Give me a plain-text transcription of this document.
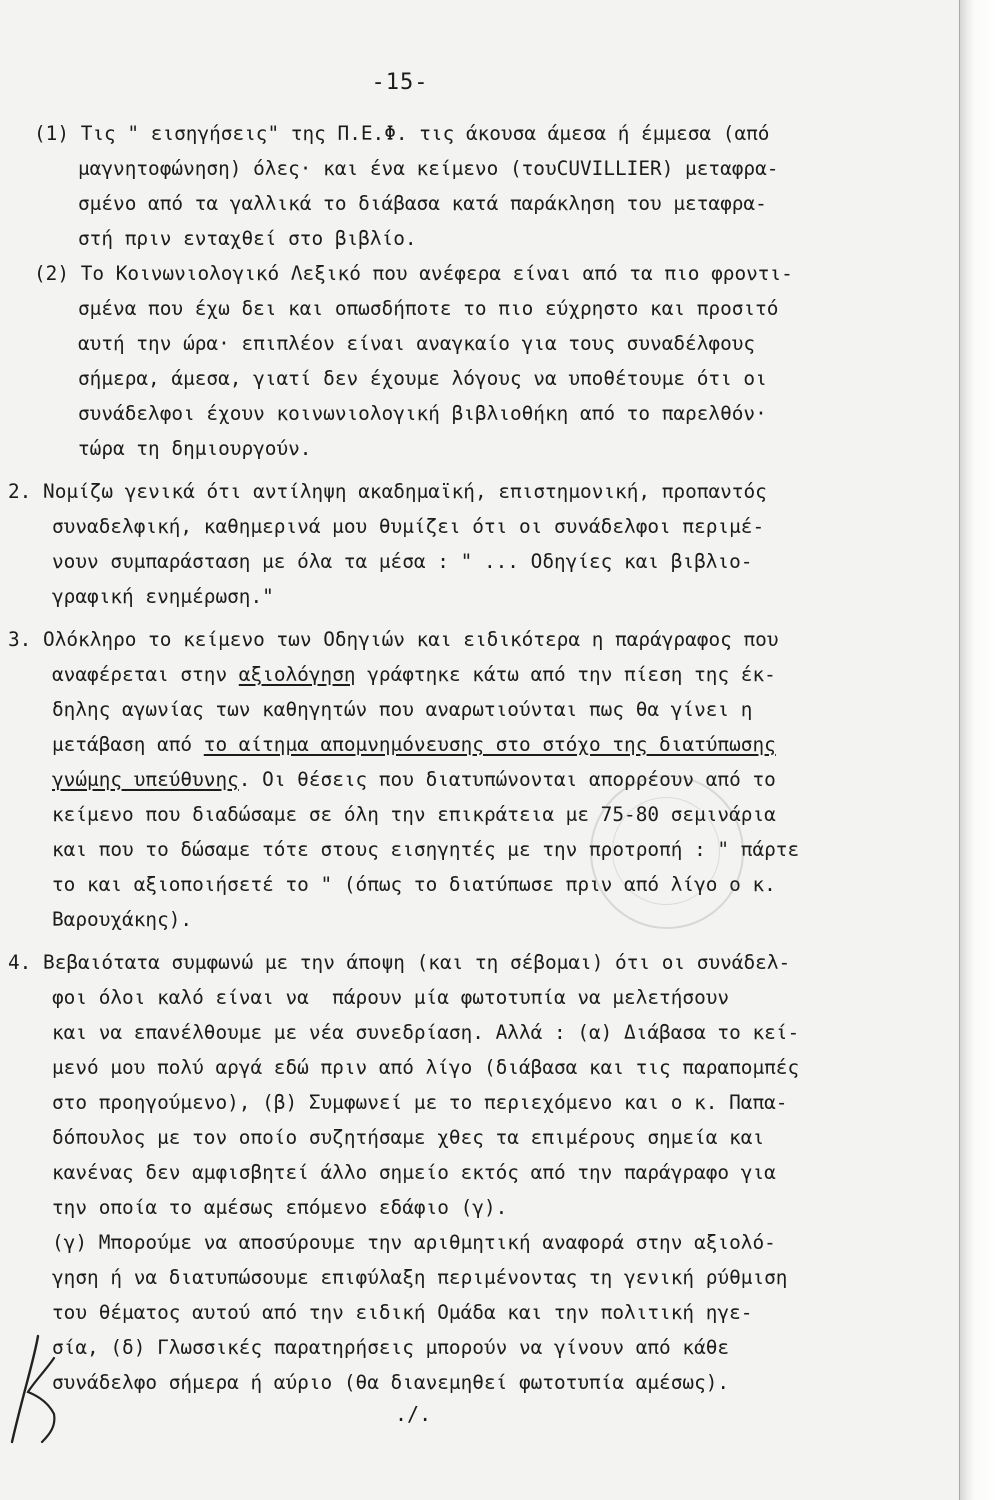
-15-
(1) Τις " εισηγήσεις" της Π.Ε.Φ. τις άκουσα άμεσα ή έμμεσα (από
μαγνητοφώνηση) όλες· και ένα κείμενο (τουCUVILLIER) μεταφρα-
σμένο από τα γαλλικά το διάβασα κατά παράκληση του μεταφρα-
στή πριν ενταχθεί στο βιβλίο.
(2) Το Κοινωνιολογικό Λεξικό που ανέφερα είναι από τα πιο φροντι-
σμένα που έχω δει και οπωσδήποτε το πιο εύχρηστο και προσιτό
αυτή την ώρα· επιπλέον είναι αναγκαίο για τους συναδέλφους
σήμερα, άμεσα, γιατί δεν έχουμε λόγους να υποθέτουμε ότι οι
συνάδελφοι έχουν κοινωνιολογική βιβλιοθήκη από το παρελθόν·
τώρα τη δημιουργούν.
2. Νομίζω γενικά ότι αντίληψη ακαδημαϊκή, επιστημονική, προπαντός
συναδελφική, καθημερινά μου θυμίζει ότι οι συνάδελφοι περιμέ-
νουν συμπαράσταση με όλα τα μέσα : " ... Οδηγίες και βιβλιο-
γραφική ενημέρωση."
3. Ολόκληρο το κείμενο των Οδηγιών και ειδικότερα η παράγραφος που
αναφέρεται στην αξιολόγηση γράφτηκε κάτω από την πίεση της έκ-
δηλης αγωνίας των καθηγητών που αναρωτιούνται πως θα γίνει η
μετάβαση από το αίτημα απομνημόνευσης στο στόχο της διατύπωσης
γνώμης υπεύθυνης. Οι θέσεις που διατυπώνονται απορρέουν από το
κείμενο που διαδώσαμε σε όλη την επικράτεια με 75-80 σεμινάρια
και που το δώσαμε τότε στους εισηγητές με την προτροπή : " πάρτε
το και αξιοποιήσετέ το " (όπως το διατύπωσε πριν από λίγο ο κ.
Βαρουχάκης).
4. Βεβαιότατα συμφωνώ με την άποψη (και τη σέβομαι) ότι οι συνάδελ-
φοι όλοι καλό είναι να  πάρουν μία φωτοτυπία να μελετήσουν
και να επανέλθουμε με νέα συνεδρίαση. Αλλά : (α) Διάβασα το κεί-
μενό μου πολύ αργά εδώ πριν από λίγο (διάβασα και τις παραπομπές
στο προηγούμενο), (β) Συμφωνεί με το περιεχόμενο και ο κ. Παπα-
δόπουλος με τον οποίο συζητήσαμε χθες τα επιμέρους σημεία και
κανένας δεν αμφισβητεί άλλο σημείο εκτός από την παράγραφο για
την οποία το αμέσως επόμενο εδάφιο (γ).
(γ) Μπορούμε να αποσύρουμε την αριθμητική αναφορά στην αξιολό-
γηση ή να διατυπώσουμε επιφύλαξη περιμένοντας τη γενική ρύθμιση
του θέματος αυτού από την ειδική Ομάδα και την πολιτική ηγε-
σία, (δ) Γλωσσικές παρατηρήσεις μπορούν να γίνουν από κάθε
συνάδελφο σήμερα ή αύριο (θα διανεμηθεί φωτοτυπία αμέσως).
./.
